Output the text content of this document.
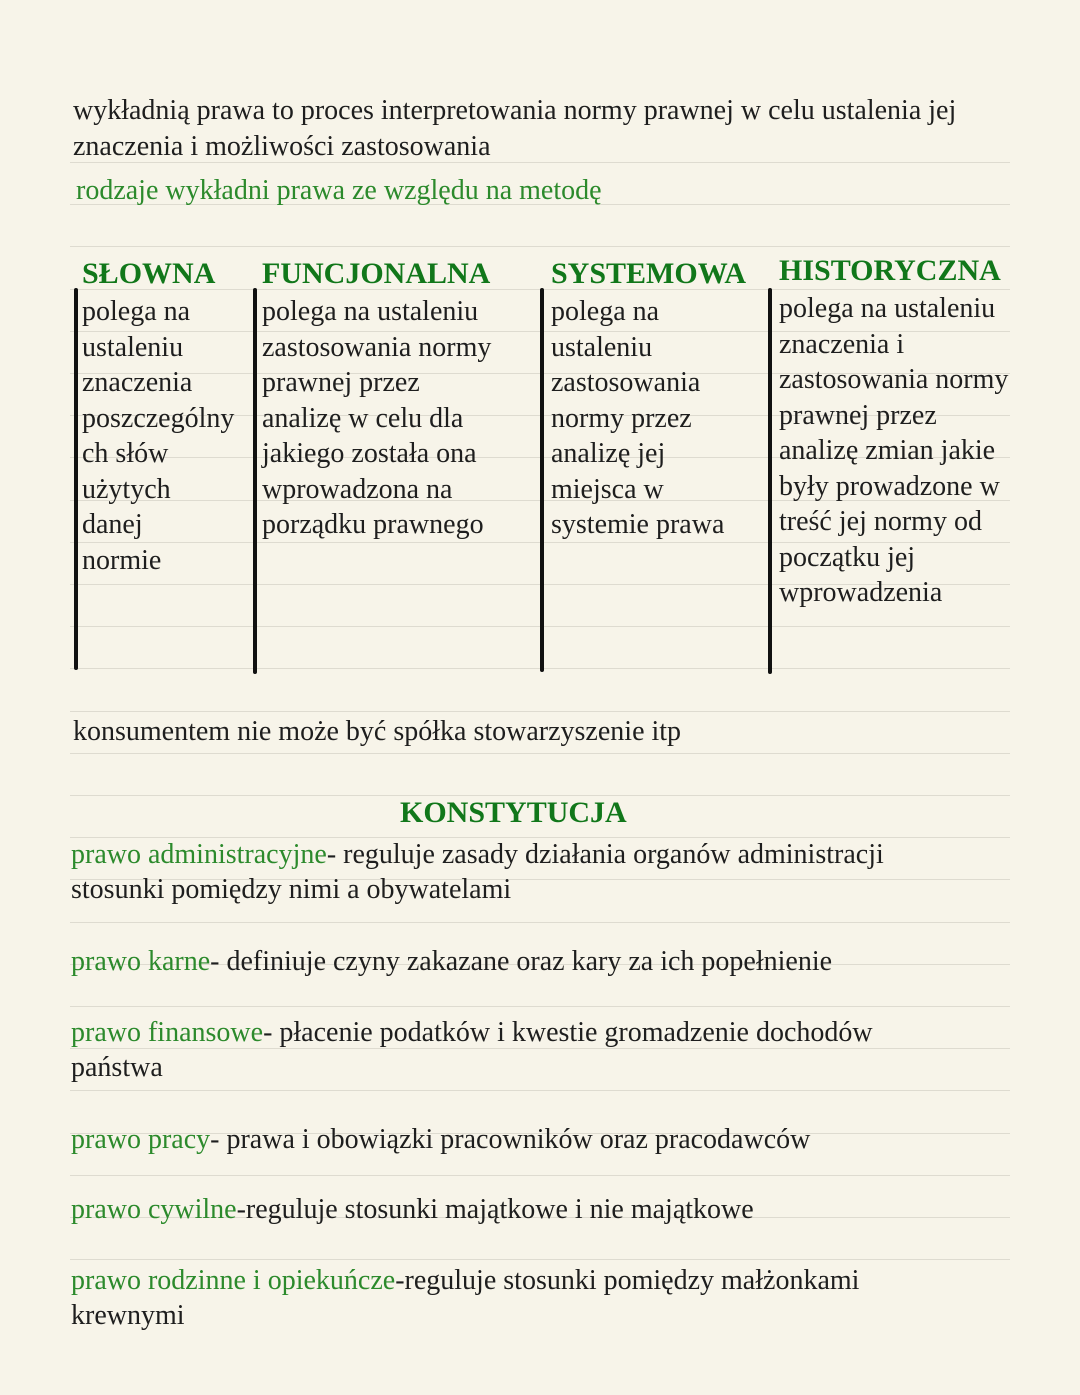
wykładnią prawa to proces interpretowania normy prawnej w celu ustalenia jej
znaczenia i możliwości zastosowania
rodzaje wykładni prawa ze względu na metodę
SŁOWNA FUNCJONALNA SYSTEMOWA HISTORYCZNA
polega na
ustaleniu
znaczenia
poszczególny
ch słów
użytych
danej
normie
polega na ustaleniu
zastosowania normy
prawnej przez
analizę w celu dla
jakiego została ona
wprowadzona na
porządku prawnego
polega na
ustaleniu
zastosowania
normy przez
analizę jej
miejsca w
systemie prawa
polega na ustaleniu
znaczenia i
zastosowania normy
prawnej przez
analizę zmian jakie
były prowadzone w
treść jej normy od
początku jej
wprowadzenia
konsumentem nie może być spółka stowarzyszenie itp
KONSTYTUCJA
prawo administracyjne- reguluje zasady działania organów administracji
stosunki pomiędzy nimi a obywatelami
prawo karne- definiuje czyny zakazane oraz kary za ich popełnienie
prawo finansowe- płacenie podatków i kwestie gromadzenie dochodów
państwa
prawo pracy- prawa i obowiązki pracowników oraz pracodawców
prawo cywilne-reguluje stosunki majątkowe i nie majątkowe
prawo rodzinne i opiekuńcze-reguluje stosunki pomiędzy małżonkami
krewnymi
